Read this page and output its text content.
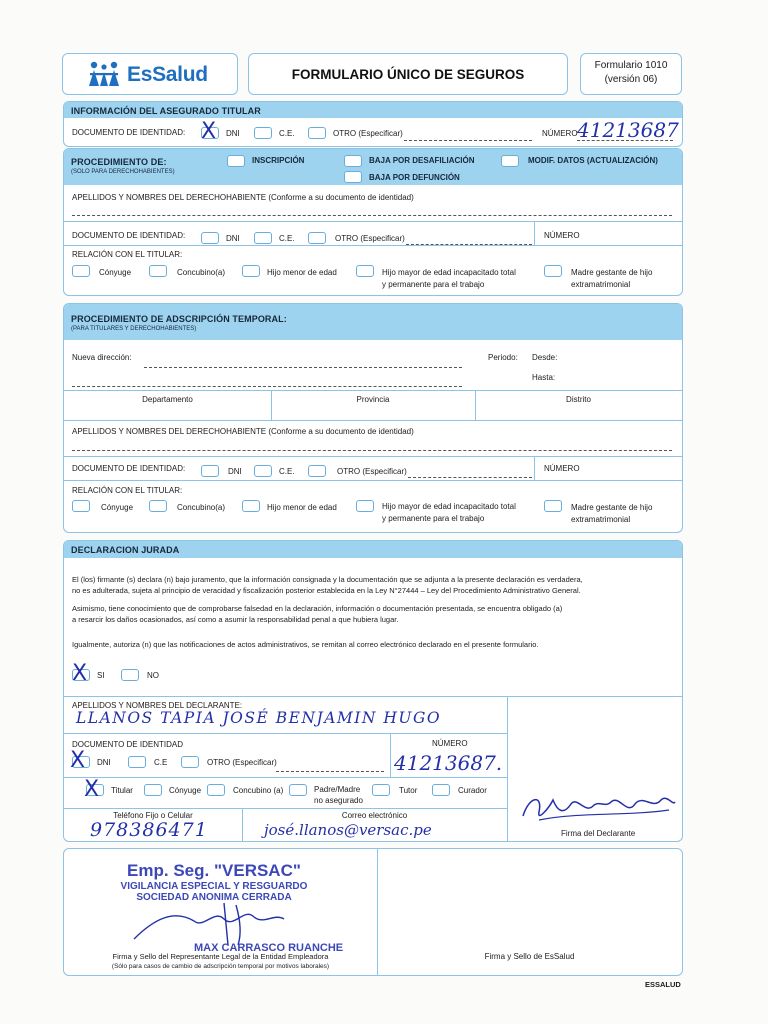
EsSalud	FORMULARIO ÚNICO DE SEGUROS
Formulario 1010
(versión 06)
INFORMACIÓN DEL ASEGURADO TITULAR
DOCUMENTO DE IDENTIDAD: X DNI	C.E.	OTRO (Especificar)	NÚMERO 41213687
PROCEDIMIENTO DE:
(SOLO PARA DERECHOHABIENTES)
INSCRIPCIÓN	BAJA POR DESAFILIACIÓN	MODIF. DATOS (ACTUALIZACIÓN)
BAJA POR DEFUNCIÓN
APELLIDOS Y NOMBRES DEL DERECHOHABIENTE (Conforme a su documento de identidad)
DOCUMENTO DE IDENTIDAD:	DNI	C.E.	OTRO (Especificar)	NÚMERO
RELACIÓN CON EL TITULAR:
Cónyuge	Concubino(a)	Hijo menor de edad	Hijo mayor de edad incapacitado total
y permanente para el trabajo
Madre gestante de hijo
extramatrimonial
PROCEDIMIENTO DE ADSCRIPCIÓN TEMPORAL:
(PARA TITULARES Y DERECHOHABIENTES)
Nueva dirección:	Periodo: Desde:
Hasta:
Departamento	Provincia	Distrito
APELLIDOS Y NOMBRES DEL DERECHOHABIENTE (Conforme a su documento de identidad)
DOCUMENTO DE IDENTIDAD:	DNI	C.E.	OTRO (Especificar)	NÚMERO
RELACIÓN CON EL TITULAR:
Cónyuge	Concubino(a)	Hijo menor de edad	Hijo mayor de edad incapacitado total
y permanente para el trabajo
Madre gestante de hijo
extramatrimonial
DECLARACION JURADA
El (los) firmante (s) declara (n) bajo juramento, que la información consignada y la documentación que se adjunta a la presente declaración es verdadera,
no es adulterada, sujeta al principio de veracidad y fiscalización posterior establecida en la Ley N°27444 – Ley del Procedimiento Administrativo General.
Asimismo, tiene conocimiento que de comprobarse falsedad en la declaración, información o documentación presentada, se encuentra obligado (a)
a resarcir los daños ocasionados, así como a asumir la responsabilidad penal a que hubiera lugar.
Igualmente, autoriza (n) que las notificaciones de actos administrativos, se remitan al correo electrónico declarado en el presente formulario.
X SI	NO
APELLIDOS Y NOMBRES DEL DECLARANTE:
LLANOS TAPIA JOSÉ BENJAMIN HUGO
DOCUMENTO DE IDENTIDAD	NÚMERO
41213687.
X DNI	C.E	OTRO (Especificar)
X Titular	Cónyuge	Concubino (a)	Padre/Madre
no asegurado
Tutor	Curador
Teléfono Fijo o Celular
978386471
Correo electrónico
josé.llanos@versac.pe	Firma del Declarante
Emp. Seg. "VERSAC"
VIGILANCIA ESPECIAL Y RESGUARDO
SOCIEDAD ANONIMA CERRADA
MAX CARRASCO RUANCHE
Firma y Sello del Representante Legal de la Entidad Empleadora
(Sólo para casos de cambio de adscripción temporal por motivos laborales)
Firma y Sello de EsSalud
ESSALUD
